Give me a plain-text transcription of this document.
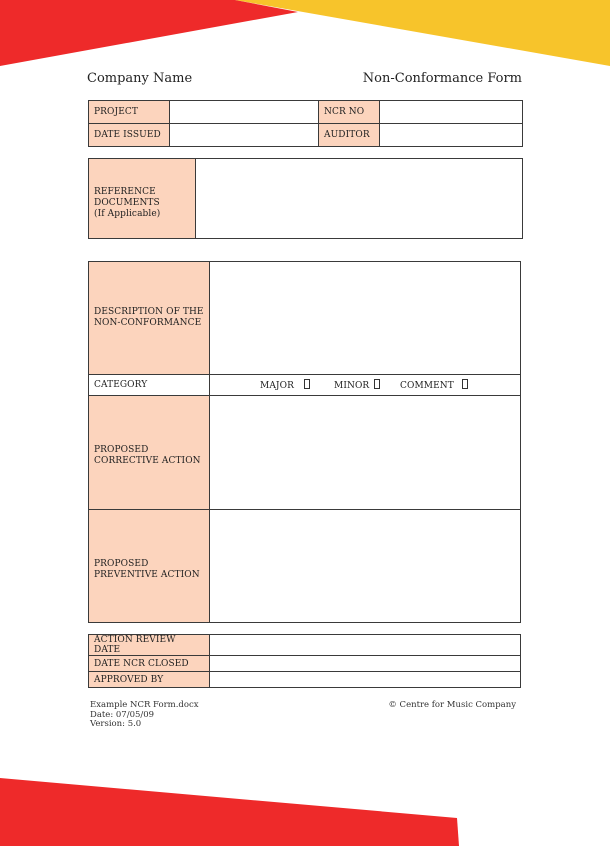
Company Name	Non-Conformance Form
PROJECT		NCR NO	
DATE ISSUED		AUDITOR	
REFERENCE
DOCUMENTS
(If Applicable)

DESCRIPTION OF THE
NON-CONFORMANCE	

CATEGORY	MAJOR MINOR COMMENT

PROPOSED
CORRECTIVE ACTION	

PROPOSED
PREVENTIVE ACTION	

ACTION REVIEW DATE	
DATE NCR CLOSED	
APPROVED BY	
Example NCR Form.docx
Date: 07/05/09
Version: 5.0
© Centre for Music Company
